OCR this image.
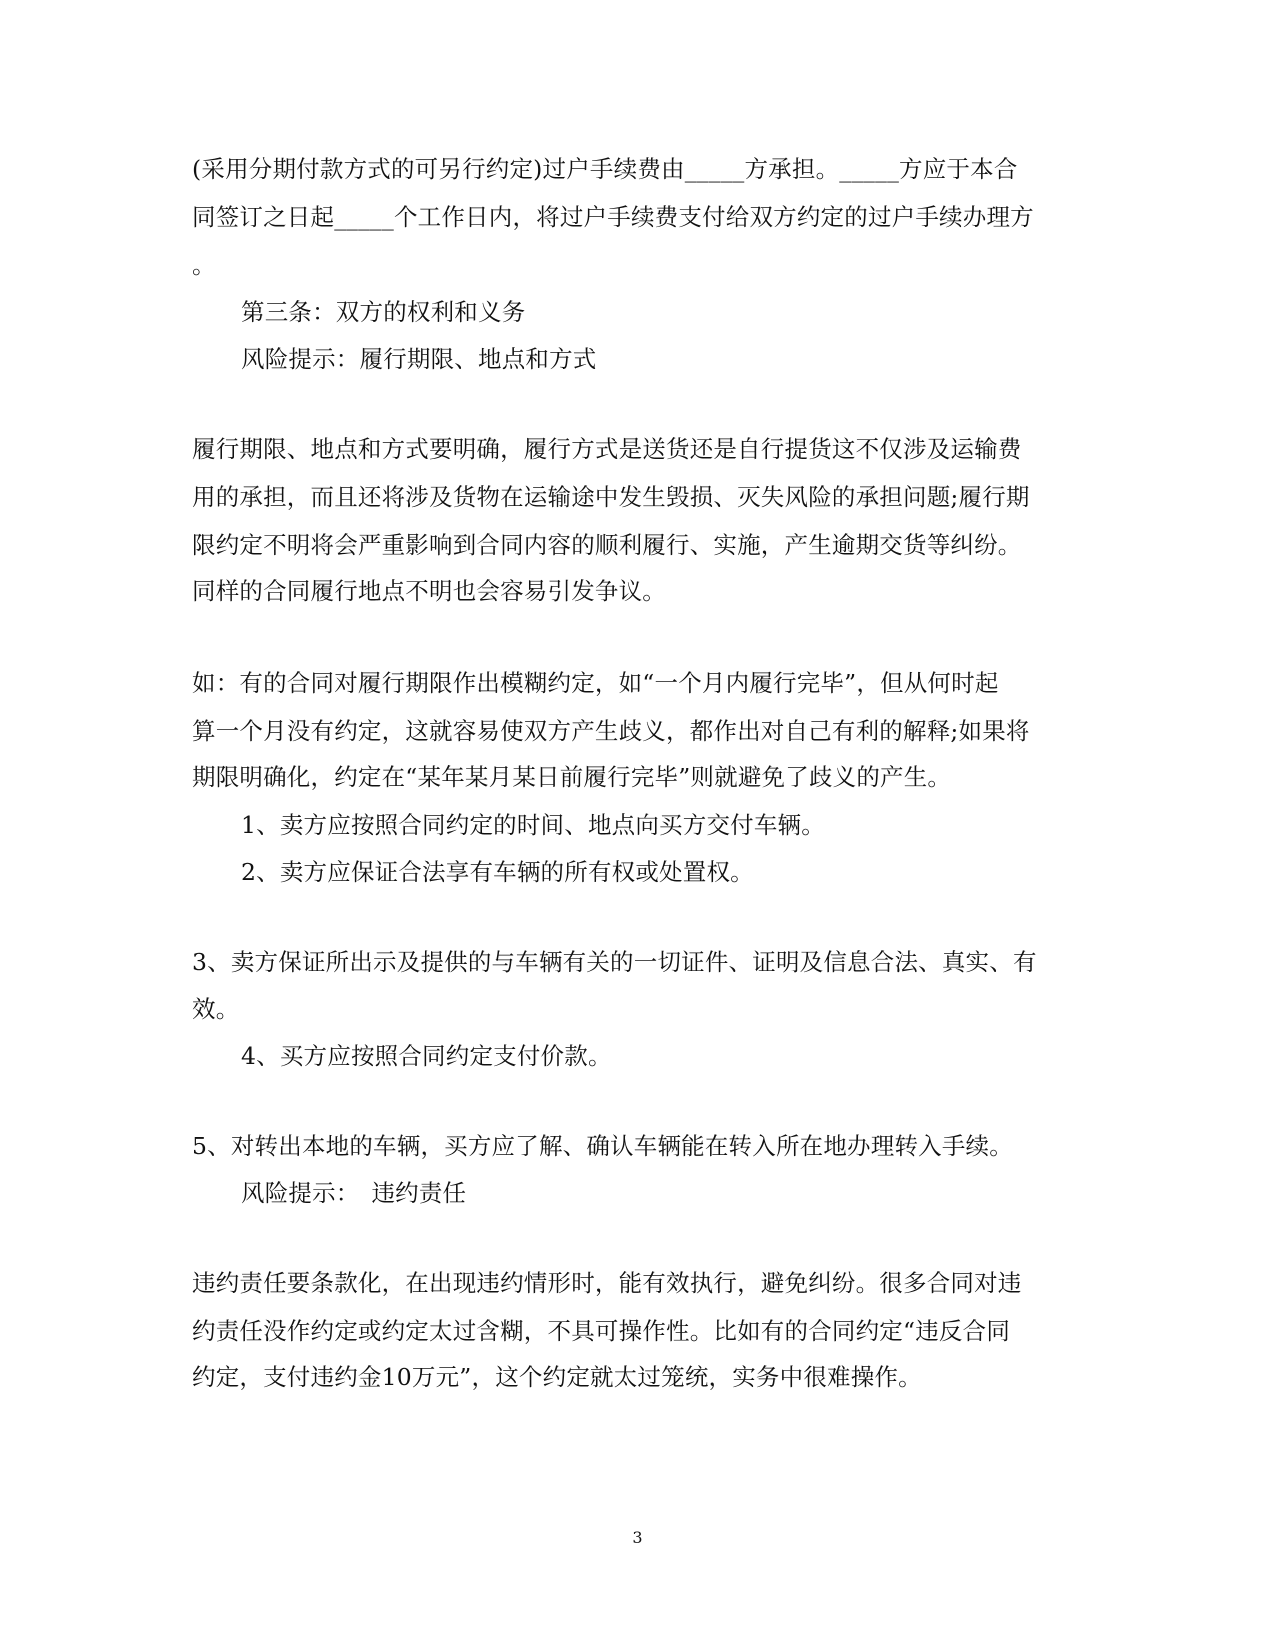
(采用分期付款方式的可另行约定)过户手续费由_____方承担。_____方应于本合
同签订之日起_____个工作日内，将过户手续费支付给双方约定的过户手续办理方
。
第三条：双方的权利和义务
风险提示：履行期限、地点和方式
履行期限、地点和方式要明确，履行方式是送货还是自行提货这不仅涉及运输费
用的承担，而且还将涉及货物在运输途中发生毁损、灭失风险的承担问题;履行期
限约定不明将会严重影响到合同内容的顺利履行、实施，产生逾期交货等纠纷。
同样的合同履行地点不明也会容易引发争议。
如：有的合同对履行期限作出模糊约定，如“一个月内履行完毕”，但从何时起
算一个月没有约定，这就容易使双方产生歧义，都作出对自己有利的解释;如果将
期限明确化，约定在“某年某月某日前履行完毕”则就避免了歧义的产生。
1、卖方应按照合同约定的时间、地点向买方交付车辆。
2、卖方应保证合法享有车辆的所有权或处置权。
3、卖方保证所出示及提供的与车辆有关的一切证件、证明及信息合法、真实、有
效。
4、买方应按照合同约定支付价款。
5、对转出本地的车辆，买方应了解、确认车辆能在转入所在地办理转入手续。
风险提示：　违约责任
违约责任要条款化，在出现违约情形时，能有效执行，避免纠纷。很多合同对违
约责任没作约定或约定太过含糊，不具可操作性。比如有的合同约定“违反合同
约定，支付违约金10万元”，这个约定就太过笼统，实务中很难操作。
3
